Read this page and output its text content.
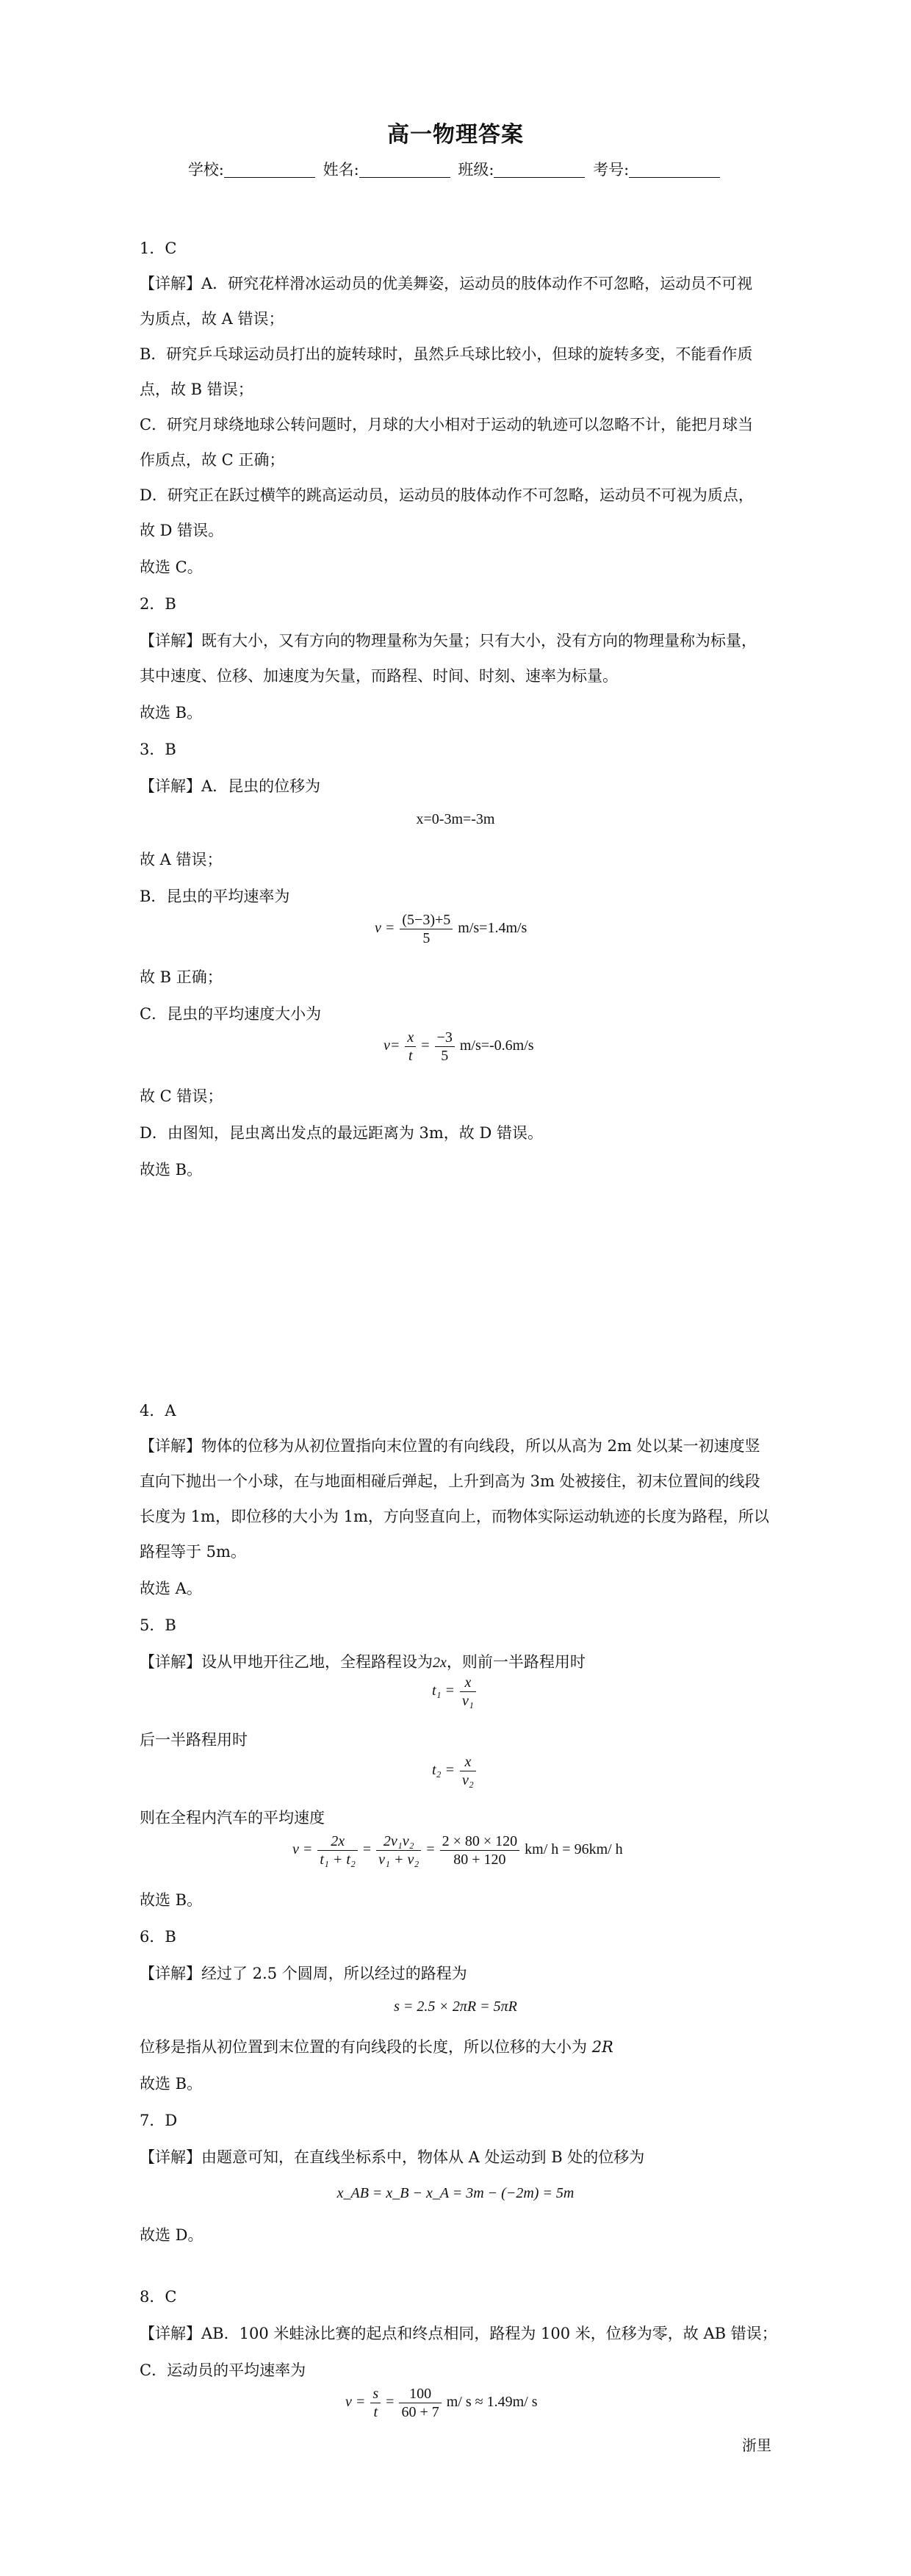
高一物理答案
学校:	姓名:	班级:	考号:
1．C
【详解】A．研究花样滑冰运动员的优美舞姿，运动员的肢体动作不可忽略，运动员不可视
为质点，故 A 错误；
B．研究乒乓球运动员打出的旋转球时，虽然乒乓球比较小，但球的旋转多变，不能看作质
点，故 B 错误；
C．研究月球绕地球公转问题时，月球的大小相对于运动的轨迹可以忽略不计，能把月球当
作质点，故 C 正确；
D．研究正在跃过横竿的跳高运动员，运动员的肢体动作不可忽略，运动员不可视为质点，
故 D 错误。
故选 C。
2．B
【详解】既有大小，又有方向的物理量称为矢量；只有大小，没有方向的物理量称为标量，
其中速度、位移、加速度为矢量，而路程、时间、时刻、速率为标量。
故选 B。
3．B
【详解】A．昆虫的位移为
x=0-3m=-3m
故 A 错误；
B．昆虫的平均速率为
$v = \frac{(5-3)+5}{5} m/s=1.4m/s$
故 B 正确；
C．昆虫的平均速度大小为
$v= \frac{x}{t} = \frac{-3}{5} m/s=-0.6m/s$
故 C 错误；
D．由图知，昆虫离出发点的最远距离为 3m，故 D 错误。
故选 B。
4．A
【详解】物体的位移为从初位置指向末位置的有向线段，所以从高为 2m 处以某一初速度竖
直向下抛出一个小球，在与地面相碰后弹起，上升到高为 3m 处被接住，初末位置间的线段
长度为 1m，即位移的大小为 1m，方向竖直向上，而物体实际运动轨迹的长度为路程，所以
路程等于 5m。
故选 A。
5．B
【详解】设从甲地开往乙地，全程路程设为2x，则前一半路程用时
$t_1 = \frac{x}{\text{v₁}}$
后一半路程用时
$t_2 = \frac{x}{\text{v₂}}$
则在全程内汽车的平均速度
$v = \frac{2x}{\text{t₁ + t₂}} = \frac{\text{2v₁v₂}}{\text{v₁ + v₂}} = \frac{2 \times 80 \times 120}{80 + 120} km/$ h = 96km/ h
故选 B。
6．B
【详解】经过了 2.5 个圆周，所以经过的路程为
s = 2.5 × 2πR = 5πR
位移是指从初位置到末位置的有向线段的长度，所以位移的大小为 2R
故选 B。
7．D
【详解】由题意可知，在直线坐标系中，物体从 A 处运动到 B 处的位移为
x_AB = x_B − x_A = 3m − (−2m) = 5m
故选 D。
8．C
【详解】AB．100 米蛙泳比赛的起点和终点相同，路程为 100 米，位移为零，故 AB 错误；
C．运动员的平均速率为
$v = \frac{s}{t} = \frac{100}{60 + 7} m/$ s ≈ 1.49m/ s
浙里
